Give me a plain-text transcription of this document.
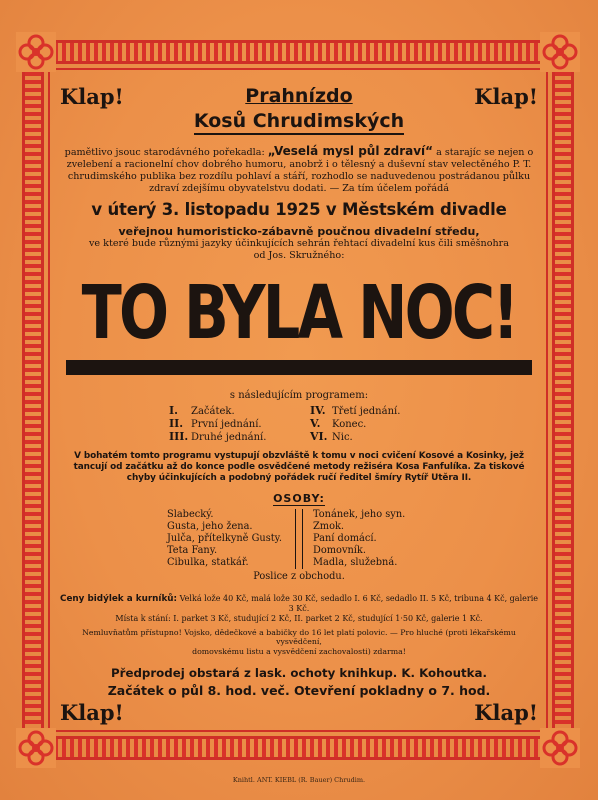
Klap!	Prahnízdo
Kosů Chrudimských
Klap!
pamětlivo jsouc starodávného pořekadla: „Veselá mysl půl zdraví“ a starajíc se nejen o zvelebení a racionelní chov dobrého humoru, anobrž i o tělesný a duševní stav velectěného P. T. chrudimského publika bez rozdílu pohlaví a stáří, rozhodlo se naduvedenou postrádanou půlku zdraví zdejšímu obyvatelstvu dodati. — Za tím účelem pořádá
v úterý 3. listopadu 1925 v Městském divadle
veřejnou humoristicko-zábavně poučnou divadelní středu,
ve které bude různými jazyky účinkujících sehrán řehtací divadelní kus čili směšnohra
od Jos. Skružného:
TO BYLA NOC!
s následujícím programem:
I. Začátek.
II. První jednání.
III. Druhé jednání.
IV. Třetí jednání.
V. Konec.
VI. Nic.
V bohatém tomto programu vystupují obzvláště k tomu v noci cvičení Kosové a Kosinky, jež tancují od začátku až do konce podle osvědčené metody režiséra Kosa Fanfulíka. Za tiskové chyby účinkujících a podobný pořádek ručí ředitel šmíry Rytíř Utěra II.
OSOBY:
Slabecký.
Gusta, jeho žena.
Julča, přítelkyně Gusty.
Teta Fany.
Cibulka, statkář.
Tonánek, jeho syn.
Zmok.
Paní domácí.
Domovník.
Madla, služebná.
Poslice z obchodu.
Ceny bidýlek a kurníků: Velká lože 40 Kč, malá lože 30 Kč, sedadlo I. 6 Kč, sedadlo II. 5 Kč, tribuna 4 Kč, galerie 3 Kč.
Místa k stání: I. parket 3 Kč, studující 2 Kč, II. parket 2 Kč, studující 1·50 Kč, galerie 1 Kč.
Nemluvňatům přístupno! Vojsko, dědečkové a babičky do 16 let platí polovic. — Pro hluché (proti lékařskému vysvědčení,
domovskému listu a vysvědčení zachovalosti) zdarma!
Předprodej obstará z lask. ochoty knihkup. K. Kohoutka.
Začátek o půl 8. hod. več. Otevření pokladny o 7. hod.
Klap!	Klap!
Knihtl. ANT. KIEBL (R. Bauer) Chrudim.
